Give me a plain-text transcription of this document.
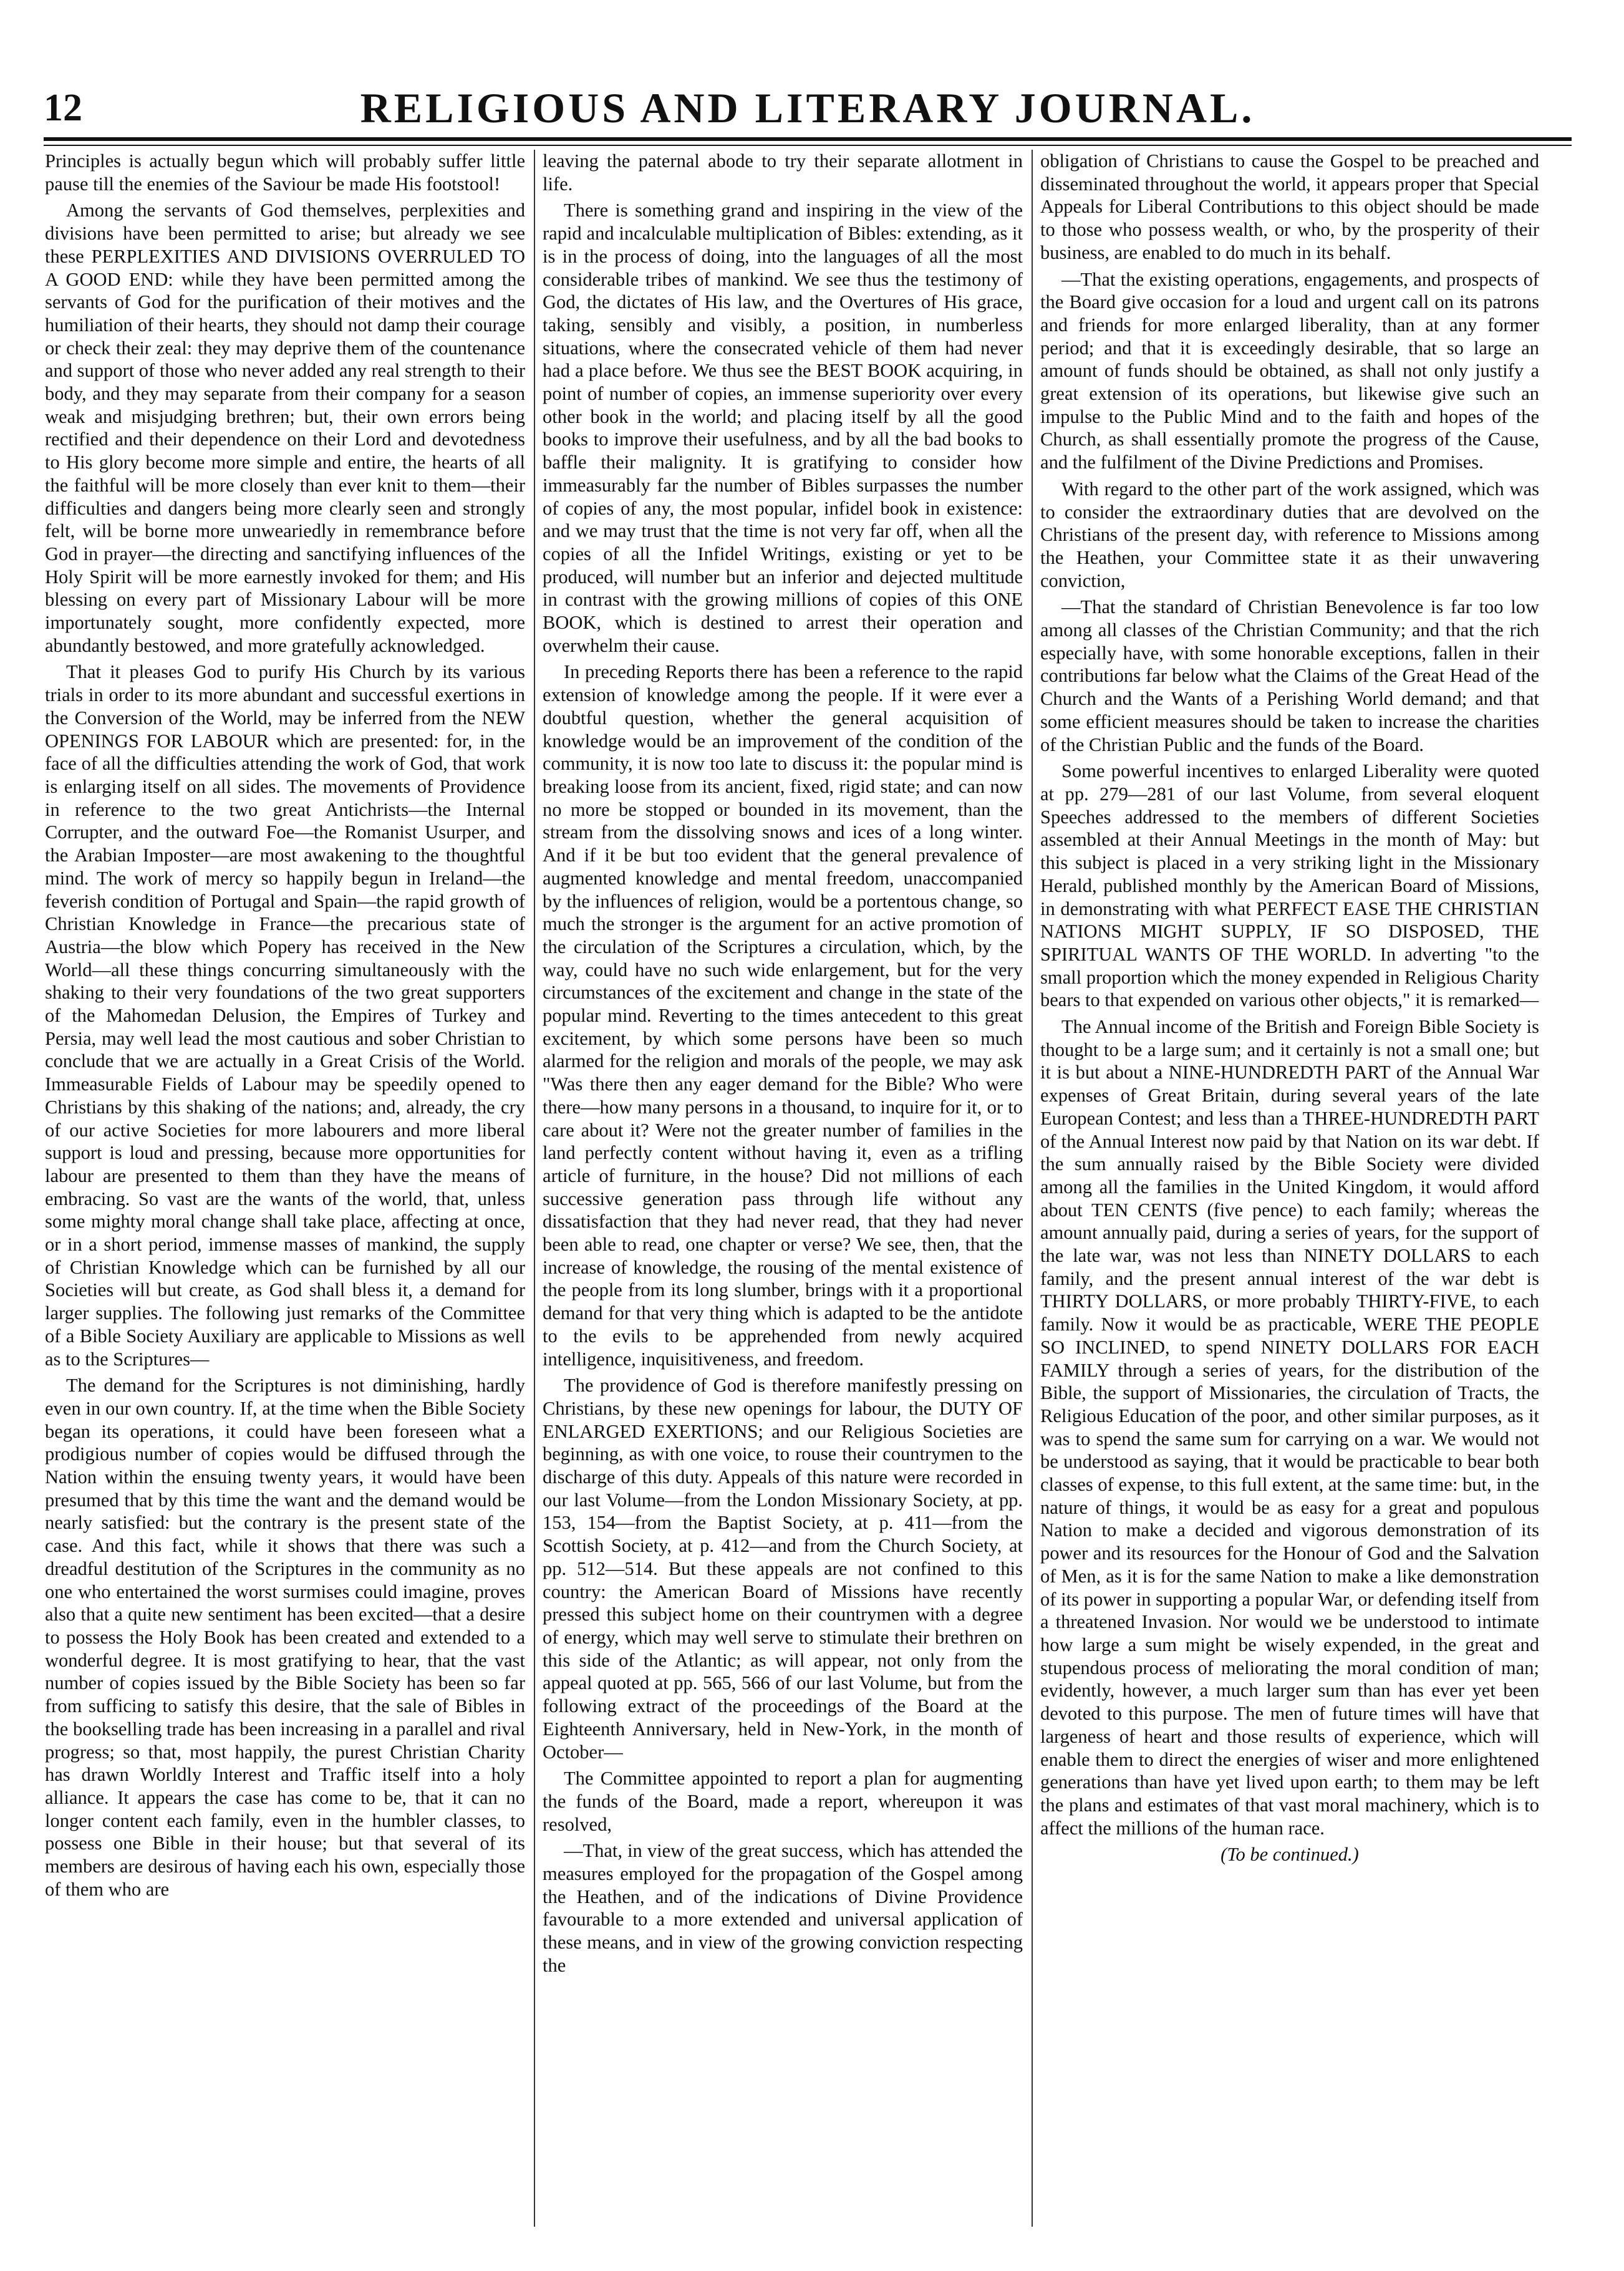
12	RELIGIOUS AND LITERARY JOURNAL.

Principles is actually begun which will probably suffer little pause till the enemies of the Saviour be made His footstool!

Among the servants of God themselves, perplexities and divisions have been permitted to arise; but already we see these PERPLEXITIES AND DIVISIONS OVERRULED TO A GOOD END: while they have been permitted among the servants of God for the purification of their motives and the humiliation of their hearts, they should not damp their courage or check their zeal: they may deprive them of the countenance and support of those who never added any real strength to their body, and they may separate from their company for a season weak and misjudging brethren; but, their own errors being rectified and their dependence on their Lord and devotedness to His glory become more simple and entire, the hearts of all the faithful will be more closely than ever knit to them—their difficulties and dangers being more clearly seen and strongly felt, will be borne more unweariedly in remembrance before God in prayer—the directing and sanctifying influences of the Holy Spirit will be more earnestly invoked for them; and His blessing on every part of Missionary Labour will be more importunately sought, more confidently expected, more abundantly bestowed, and more gratefully acknowledged.

That it pleases God to purify His Church by its various trials in order to its more abundant and successful exertions in the Conversion of the World, may be inferred from the NEW OPENINGS FOR LABOUR which are presented: for, in the face of all the difficulties attending the work of God, that work is enlarging itself on all sides. The movements of Providence in reference to the two great Antichrists—the Internal Corrupter, and the outward Foe—the Romanist Usurper, and the Arabian Imposter—are most awakening to the thoughtful mind. The work of mercy so happily begun in Ireland—the feverish condition of Portugal and Spain—the rapid growth of Christian Knowledge in France—the precarious state of Austria—the blow which Popery has received in the New World—all these things concurring simultaneously with the shaking to their very foundations of the two great supporters of the Mahomedan Delusion, the Empires of Turkey and Persia, may well lead the most cautious and sober Christian to conclude that we are actually in a Great Crisis of the World. Immeasurable Fields of Labour may be speedily opened to Christians by this shaking of the nations; and, already, the cry of our active Societies for more labourers and more liberal support is loud and pressing, because more opportunities for labour are presented to them than they have the means of embracing. So vast are the wants of the world, that, unless some mighty moral change shall take place, affecting at once, or in a short period, immense masses of mankind, the supply of Christian Knowledge which can be furnished by all our Societies will but create, as God shall bless it, a demand for larger supplies. The following just remarks of the Committee of a Bible Society Auxiliary are applicable to Missions as well as to the Scriptures—

The demand for the Scriptures is not diminishing, hardly even in our own country. If, at the time when the Bible Society began its operations, it could have been foreseen what a prodigious number of copies would be diffused through the Nation within the ensuing twenty years, it would have been presumed that by this time the want and the demand would be nearly satisfied: but the contrary is the present state of the case. And this fact, while it shows that there was such a dreadful destitution of the Scriptures in the community as no one who entertained the worst surmises could imagine, proves also that a quite new sentiment has been excited—that a desire to possess the Holy Book has been created and extended to a wonderful degree. It is most gratifying to hear, that the vast number of copies issued by the Bible Society has been so far from sufficing to satisfy this desire, that the sale of Bibles in the bookselling trade has been increasing in a parallel and rival progress; so that, most happily, the purest Christian Charity has drawn Worldly Interest and Traffic itself into a holy alliance. It appears the case has come to be, that it can no longer content each family, even in the humbler classes, to possess one Bible in their house; but that several of its members are desirous of having each his own, especially those of them who are

leaving the paternal abode to try their separate allotment in life.

There is something grand and inspiring in the view of the rapid and incalculable multiplication of Bibles: extending, as it is in the process of doing, into the languages of all the most considerable tribes of mankind. We see thus the testimony of God, the dictates of His law, and the Overtures of His grace, taking, sensibly and visibly, a position, in numberless situations, where the consecrated vehicle of them had never had a place before. We thus see the BEST BOOK acquiring, in point of number of copies, an immense superiority over every other book in the world; and placing itself by all the good books to improve their usefulness, and by all the bad books to baffle their malignity. It is gratifying to consider how immeasurably far the number of Bibles surpasses the number of copies of any, the most popular, infidel book in existence: and we may trust that the time is not very far off, when all the copies of all the Infidel Writings, existing or yet to be produced, will number but an inferior and dejected multitude in contrast with the growing millions of copies of this ONE BOOK, which is destined to arrest their operation and overwhelm their cause.

In preceding Reports there has been a reference to the rapid extension of knowledge among the people. If it were ever a doubtful question, whether the general acquisition of knowledge would be an improvement of the condition of the community, it is now too late to discuss it: the popular mind is breaking loose from its ancient, fixed, rigid state; and can now no more be stopped or bounded in its movement, than the stream from the dissolving snows and ices of a long winter. And if it be but too evident that the general prevalence of augmented knowledge and mental freedom, unaccompanied by the influences of religion, would be a portentous change, so much the stronger is the argument for an active promotion of the circulation of the Scriptures a circulation, which, by the way, could have no such wide enlargement, but for the very circumstances of the excitement and change in the state of the popular mind. Reverting to the times antecedent to this great excitement, by which some persons have been so much alarmed for the religion and morals of the people, we may ask "Was there then any eager demand for the Bible? Who were there—how many persons in a thousand, to inquire for it, or to care about it? Were not the greater number of families in the land perfectly content without having it, even as a trifling article of furniture, in the house? Did not millions of each successive generation pass through life without any dissatisfaction that they had never read, that they had never been able to read, one chapter or verse? We see, then, that the increase of knowledge, the rousing of the mental existence of the people from its long slumber, brings with it a proportional demand for that very thing which is adapted to be the antidote to the evils to be apprehended from newly acquired intelligence, inquisitiveness, and freedom.

The providence of God is therefore manifestly pressing on Christians, by these new openings for labour, the DUTY OF ENLARGED EXERTIONS; and our Religious Societies are beginning, as with one voice, to rouse their countrymen to the discharge of this duty. Appeals of this nature were recorded in our last Volume—from the London Missionary Society, at pp. 153, 154—from the Baptist Society, at p. 411—from the Scottish Society, at p. 412—and from the Church Society, at pp. 512—514. But these appeals are not confined to this country: the American Board of Missions have recently pressed this subject home on their countrymen with a degree of energy, which may well serve to stimulate their brethren on this side of the Atlantic; as will appear, not only from the appeal quoted at pp. 565, 566 of our last Volume, but from the following extract of the proceedings of the Board at the Eighteenth Anniversary, held in New-York, in the month of October—

The Committee appointed to report a plan for augmenting the funds of the Board, made a report, whereupon it was resolved,

—That, in view of the great success, which has attended the measures employed for the propagation of the Gospel among the Heathen, and of the indications of Divine Providence favourable to a more extended and universal application of these means, and in view of the growing conviction respecting the

obligation of Christians to cause the Gospel to be preached and disseminated throughout the world, it appears proper that Special Appeals for Liberal Contributions to this object should be made to those who possess wealth, or who, by the prosperity of their business, are enabled to do much in its behalf.

—That the existing operations, engagements, and prospects of the Board give occasion for a loud and urgent call on its patrons and friends for more enlarged liberality, than at any former period; and that it is exceedingly desirable, that so large an amount of funds should be obtained, as shall not only justify a great extension of its operations, but likewise give such an impulse to the Public Mind and to the faith and hopes of the Church, as shall essentially promote the progress of the Cause, and the fulfilment of the Divine Predictions and Promises.

With regard to the other part of the work assigned, which was to consider the extraordinary duties that are devolved on the Christians of the present day, with reference to Missions among the Heathen, your Committee state it as their unwavering conviction,

—That the standard of Christian Benevolence is far too low among all classes of the Christian Community; and that the rich especially have, with some honorable exceptions, fallen in their contributions far below what the Claims of the Great Head of the Church and the Wants of a Perishing World demand; and that some efficient measures should be taken to increase the charities of the Christian Public and the funds of the Board.

Some powerful incentives to enlarged Liberality were quoted at pp. 279—281 of our last Volume, from several eloquent Speeches addressed to the members of different Societies assembled at their Annual Meetings in the month of May: but this subject is placed in a very striking light in the Missionary Herald, published monthly by the American Board of Missions, in demonstrating with what PERFECT EASE THE CHRISTIAN NATIONS MIGHT SUPPLY, IF SO DISPOSED, THE SPIRITUAL WANTS OF THE WORLD. In adverting "to the small proportion which the money expended in Religious Charity bears to that expended on various other objects," it is remarked—

The Annual income of the British and Foreign Bible Society is thought to be a large sum; and it certainly is not a small one; but it is but about a NINE-HUNDREDTH PART of the Annual War expenses of Great Britain, during several years of the late European Contest; and less than a THREE-HUNDREDTH PART of the Annual Interest now paid by that Nation on its war debt. If the sum annually raised by the Bible Society were divided among all the families in the United Kingdom, it would afford about TEN CENTS (five pence) to each family; whereas the amount annually paid, during a series of years, for the support of the late war, was not less than NINETY DOLLARS to each family, and the present annual interest of the war debt is THIRTY DOLLARS, or more probably THIRTY-FIVE, to each family. Now it would be as practicable, WERE THE PEOPLE SO INCLINED, to spend NINETY DOLLARS FOR EACH FAMILY through a series of years, for the distribution of the Bible, the support of Missionaries, the circulation of Tracts, the Religious Education of the poor, and other similar purposes, as it was to spend the same sum for carrying on a war. We would not be understood as saying, that it would be practicable to bear both classes of expense, to this full extent, at the same time: but, in the nature of things, it would be as easy for a great and populous Nation to make a decided and vigorous demonstration of its power and its resources for the Honour of God and the Salvation of Men, as it is for the same Nation to make a like demonstration of its power in supporting a popular War, or defending itself from a threatened Invasion. Nor would we be understood to intimate how large a sum might be wisely expended, in the great and stupendous process of meliorating the moral condition of man; evidently, however, a much larger sum than has ever yet been devoted to this purpose. The men of future times will have that largeness of heart and those results of experience, which will enable them to direct the energies of wiser and more enlightened generations than have yet lived upon earth; to them may be left the plans and estimates of that vast moral machinery, which is to affect the millions of the human race.

(To be continued.)
